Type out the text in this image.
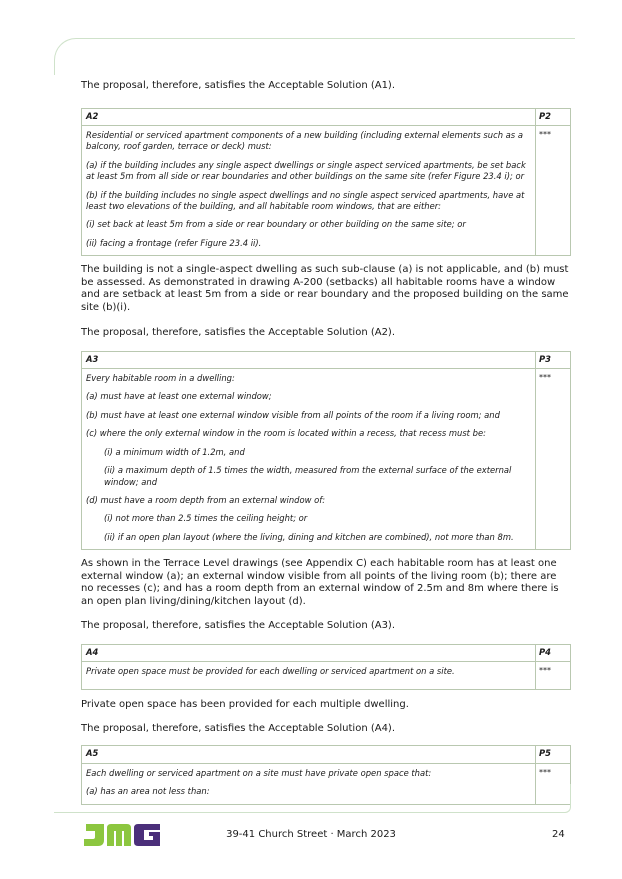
The proposal, therefore, satisfies the Acceptable Solution (A1).

A2

Residential or serviced apartment components of a new building (including external elements such as a balcony, roof garden, terrace or deck) must:

(a) if the building includes any single aspect dwellings or single aspect serviced apartments, be set back at least 5m from all side or rear boundaries and other buildings on the same site (refer Figure 23.4 i); or

(b) if the building includes no single aspect dwellings and no single aspect serviced apartments, have at least two elevations of the building, and all habitable room windows, that are either:

(i) set back at least 5m from a side or rear boundary or other building on the same site; or

(ii) facing a frontage (refer Figure 23.4 ii).

P2
***

The building is not a single-aspect dwelling as such sub-clause (a) is not applicable, and (b) must be assessed. As demonstrated in drawing A-200 (setbacks) all habitable rooms have a window and are setback at least 5m from a side or rear boundary and the proposed building on the same site (b)(i).

The proposal, therefore, satisfies the Acceptable Solution (A2).

A3

Every habitable room in a dwelling:

(a) must have at least one external window;

(b) must have at least one external window visible from all points of the room if a living room; and

(c) where the only external window in the room is located within a recess, that recess must be:

(i) a minimum width of 1.2m, and

(ii) a maximum depth of 1.5 times the width, measured from the external surface of the external window; and

(d) must have a room depth from an external window of:

(i) not more than 2.5 times the ceiling height; or

(ii) if an open plan layout (where the living, dining and kitchen are combined), not more than 8m.

P3
***

As shown in the Terrace Level drawings (see Appendix C) each habitable room has at least one external window (a); an external window visible from all points of the living room (b); there are no recesses (c); and has a room depth from an external window of 2.5m and 8m where there is an open plan living/dining/kitchen layout (d).

The proposal, therefore, satisfies the Acceptable Solution (A3).

A4

Private open space must be provided for each dwelling or serviced apartment on a site.

P4
***

Private open space has been provided for each multiple dwelling.

The proposal, therefore, satisfies the Acceptable Solution (A4).

A5

Each dwelling or serviced apartment on a site must have private open space that:

(a) has an area not less than:

P5
***
39-41 Church Street · March 2023	24
